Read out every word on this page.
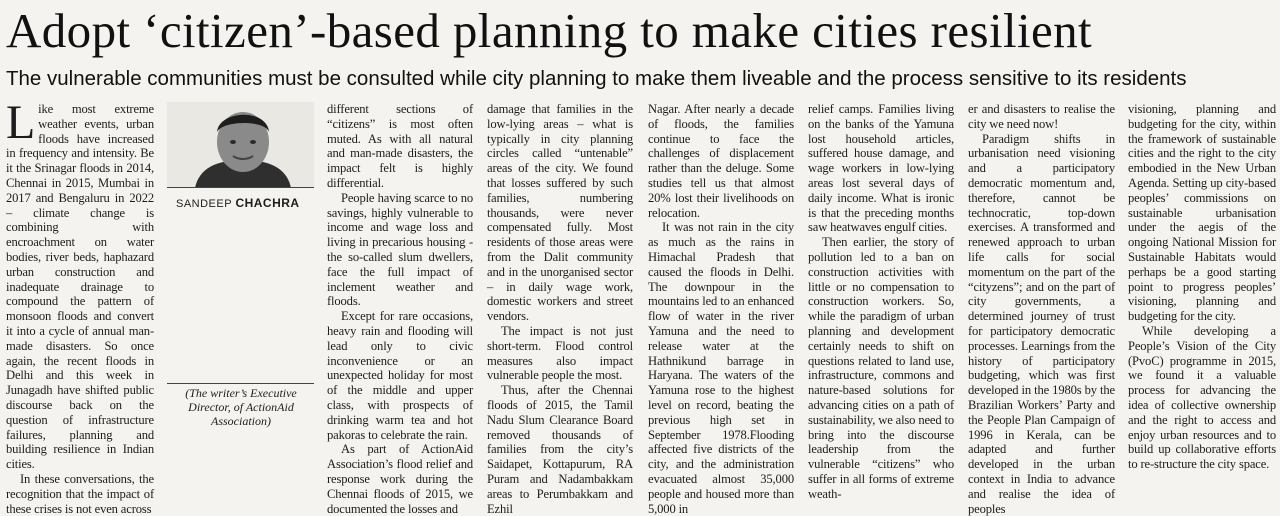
Adopt ‘citizen’-based planning to make cities resilient
The vulnerable communities must be consulted while city planning to make them liveable and the process sensitive to its residents

Like most extreme weather events, urban floods have increased in frequency and intensity. Be it the Srinagar floods in 2014, Chennai in 2015, Mumbai in 2017 and Bengaluru in 2022 – climate change is combining with encroachment on water bodies, river beds, haphazard urban construction and inadequate drainage to compound the pattern of monsoon floods and convert it into a cycle of annual man-made disasters. So once again, the recent floods in Delhi and this week in Junagadh have shifted public discourse back on the question of infrastructure failures, planning and building resilience in Indian cities.

In these conversations, the recognition that the impact of these crises is not even across

SANDEEP CHACHRA
(The writer’s Executive Director, of ActionAid Association)

different sections of “citizens” is most often muted. As with all natural and man-made disasters, the impact felt is highly differential.

People having scarce to no savings, highly vulnerable to income and wage loss and living in precarious housing - the so-called slum dwellers, face the full impact of inclement weather and floods.

Except for rare occasions, heavy rain and flooding will lead only to civic inconvenience or an unexpected holiday for most of the middle and upper class, with prospects of drinking warm tea and hot pakoras to celebrate the rain.

As part of ActionAid Association’s flood relief and response work during the Chennai floods of 2015, we documented the losses and

damage that families in the low-lying areas – what is typically in city planning circles called “untenable” areas of the city. We found that losses suffered by such families, numbering thousands, were never compensated fully. Most residents of those areas were from the Dalit community and in the unorganised sector – in daily wage work, domestic workers and street vendors.

The impact is not just short-term. Flood control measures also impact vulnerable people the most.

Thus, after the Chennai floods of 2015, the Tamil Nadu Slum Clearance Board removed thousands of families from the city’s Saidapet, Kottapurum, RA Puram and Nadambakkam areas to Perumbakkam and Ezhil

Nagar. After nearly a decade of floods, the families continue to face the challenges of displacement rather than the deluge. Some studies tell us that almost 20% lost their livelihoods on relocation.

It was not rain in the city as much as the rains in Himachal Pradesh that caused the floods in Delhi. The downpour in the mountains led to an enhanced flow of water in the river Yamuna and the need to release water at the Hathnikund barrage in Haryana. The waters of the Yamuna rose to the highest level on record, beating the previous high set in September 1978.Flooding affected five districts of the city, and the administration evacuated almost 35,000 people and housed more than 5,000 in

relief camps. Families living on the banks of the Yamuna lost household articles, suffered house damage, and wage workers in low-lying areas lost several days of daily income. What is ironic is that the preceding months saw heatwaves engulf cities.

Then earlier, the story of pollution led to a ban on construction activities with little or no compensation to construction workers. So, while the paradigm of urban planning and development certainly needs to shift on questions related to land use, infrastructure, commons and nature-based solutions for advancing cities on a path of sustainability, we also need to bring into the discourse leadership from the vulnerable “citizens” who suffer in all forms of extreme weath-

er and disasters to realise the city we need now!

Paradigm shifts in urbanisation need visioning and a participatory democratic momentum and, therefore, cannot be technocratic, top-down exercises. A transformed and renewed approach to urban life calls for social momentum on the part of the “cityzens”; and on the part of city governments, a determined journey of trust for participatory democratic processes. Learnings from the history of participatory budgeting, which was first developed in the 1980s by the Brazilian Workers’ Party and the People Plan Campaign of 1996 in Kerala, can be adapted and further developed in the urban context in India to advance and realise the idea of peoples

visioning, planning and budgeting for the city, within the framework of sustainable cities and the right to the city embodied in the New Urban Agenda. Setting up city-based peoples’ commissions on sustainable urbanisation under the aegis of the ongoing National Mission for Sustainable Habitats would perhaps be a good starting point to progress peoples’ visioning, planning and budgeting for the city.

While developing a People’s Vision of the City (PvoC) programme in 2015, we found it a valuable process for advancing the idea of collective ownership and the right to access and enjoy urban resources and to build up collaborative efforts to re-structure the city space.
